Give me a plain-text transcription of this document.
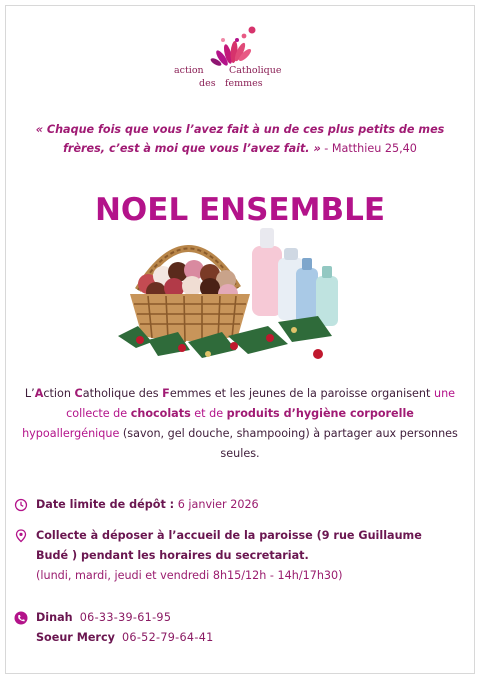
action	Catholique
des femmes
« Chaque fois que vous l’avez fait à un de ces plus petits de mes frères, c’est à moi que vous l’avez fait. » - Matthieu 25,40
NOEL ENSEMBLE
L’Action Catholique des Femmes et les jeunes de la paroisse organisent une collecte de chocolats et de produits d’hygiène corporelle hypoallergénique (savon, gel douche, shampooing) à partager aux personnes seules.
Date limite de dépôt : 6 janvier 2026
Collecte à déposer à l’accueil de la paroisse (9 rue Guillaume
Budé ) pendant les horaires du secretariat.
(lundi, mardi, jeudi et vendredi 8h15/12h - 14h/17h30)
Dinah 06-33-39-61-95
Soeur Mercy 06-52-79-64-41
